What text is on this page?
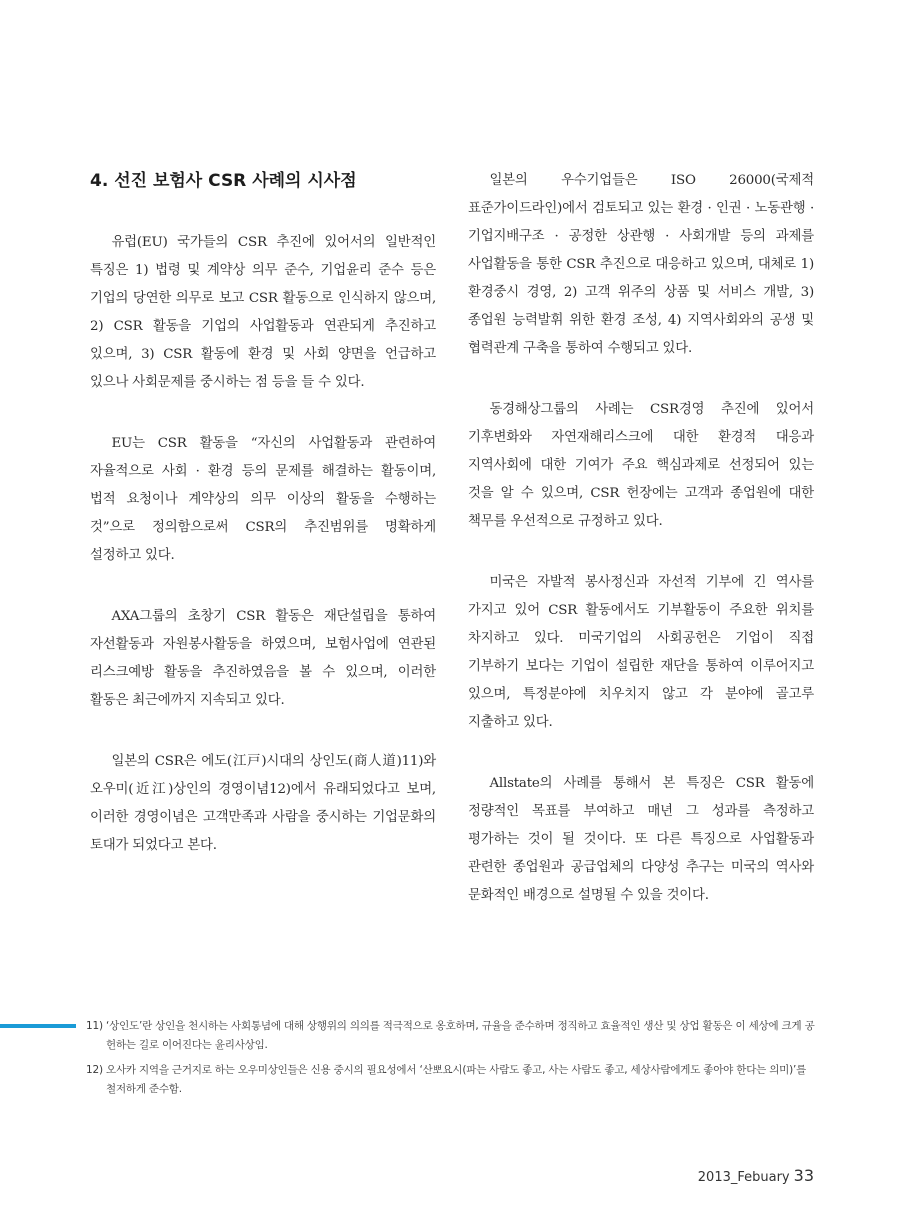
4. 선진 보험사 CSR 사례의 시사점

유럽(EU) 국가들의 CSR 추진에 있어서의 일반적인 특징은 1) 법령 및 계약상 의무 준수, 기업윤리 준수 등은 기업의 당연한 의무로 보고 CSR 활동으로 인식하지 않으며, 2) CSR 활동을 기업의 사업활동과 연관되게 추진하고 있으며, 3) CSR 활동에 환경 및 사회 양면을 언급하고 있으나 사회문제를 중시하는 점 등을 들 수 있다.

EU는 CSR 활동을 “자신의 사업활동과 관련하여 자율적으로 사회 · 환경 등의 문제를 해결하는 활동이며, 법적 요청이나 계약상의 의무 이상의 활동을 수행하는 것”으로 정의함으로써 CSR의 추진범위를 명확하게 설정하고 있다.

AXA그룹의 초창기 CSR 활동은 재단설립을 통하여 자선활동과 자원봉사활동을 하였으며, 보험사업에 연관된 리스크예방 활동을 추진하였음을 볼 수 있으며, 이러한 활동은 최근에까지 지속되고 있다.

일본의 CSR은 에도(江戸)시대의 상인도(商人道)11)와 오우미(近江)상인의 경영이념12)에서 유래되었다고 보며, 이러한 경영이념은 고객만족과 사람을 중시하는 기업문화의 토대가 되었다고 본다.

일본의 우수기업들은 ISO 26000(국제적 표준가이드라인)에서 검토되고 있는 환경 · 인권 · 노동관행 · 기업지배구조 · 공정한 상관행 · 사회개발 등의 과제를 사업활동을 통한 CSR 추진으로 대응하고 있으며, 대체로 1) 환경중시 경영, 2) 고객 위주의 상품 및 서비스 개발, 3) 종업원 능력발휘 위한 환경 조성, 4) 지역사회와의 공생 및 협력관계 구축을 통하여 수행되고 있다.

동경해상그룹의 사례는 CSR경영 추진에 있어서 기후변화와 자연재해리스크에 대한 환경적 대응과 지역사회에 대한 기여가 주요 핵심과제로 선정되어 있는 것을 알 수 있으며, CSR 헌장에는 고객과 종업원에 대한 책무를 우선적으로 규정하고 있다.

미국은 자발적 봉사정신과 자선적 기부에 긴 역사를 가지고 있어 CSR 활동에서도 기부활동이 주요한 위치를 차지하고 있다. 미국기업의 사회공헌은 기업이 직접 기부하기 보다는 기업이 설립한 재단을 통하여 이루어지고 있으며, 특정분야에 치우치지 않고 각 분야에 골고루 지출하고 있다.

Allstate의 사례를 통해서 본 특징은 CSR 활동에 정량적인 목표를 부여하고 매년 그 성과를 측정하고 평가하는 것이 될 것이다. 또 다른 특징으로 사업활동과 관련한 종업원과 공급업체의 다양성 추구는 미국의 역사와 문화적인 배경으로 설명될 수 있을 것이다.

11) ‘상인도’란 상인을 천시하는 사회통념에 대해 상행위의 의의를 적극적으로 옹호하며, 규율을 준수하며 정직하고 효율적인 생산 및 상업 활동은 이 세상에 크게 공헌하는 길로 이어진다는 윤리사상임.

12) 오사카 지역을 근거지로 하는 오우미상인들은 신용 중시의 필요성에서 ‘산뽀요시(파는 사람도 좋고, 사는 사람도 좋고, 세상사람에게도 좋아야 한다는 의미)’를 철저하게 준수함.

2013_Febuary 33
